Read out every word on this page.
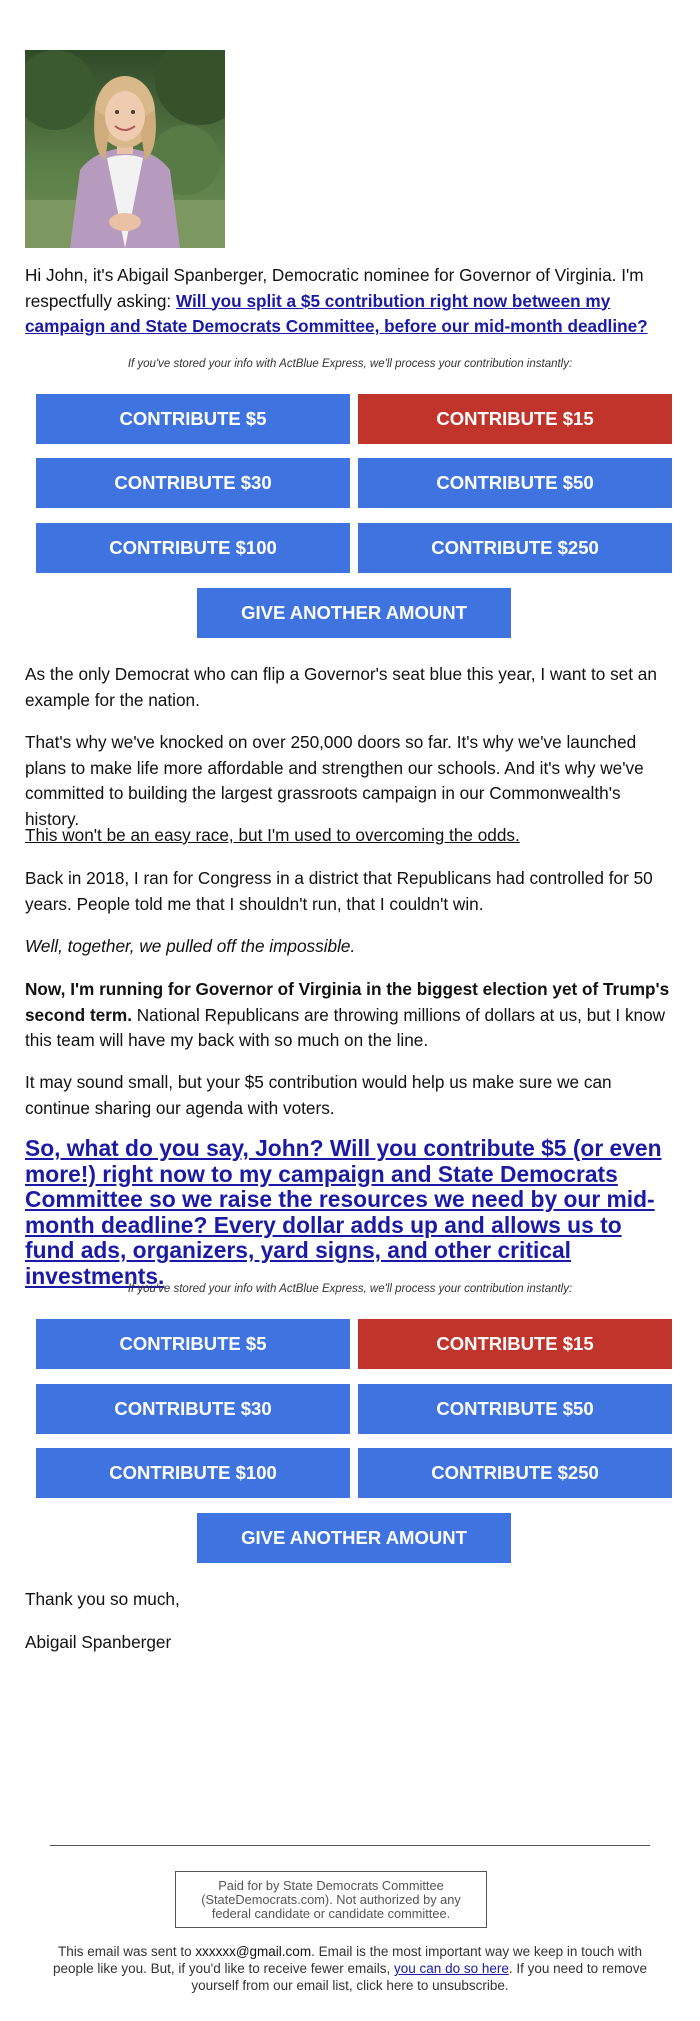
Hi John, it's Abigail Spanberger, Democratic nominee for Governor of Virginia. I'm respectfully asking: Will you split a $5 contribution right now between my campaign and State Democrats Committee, before our mid-month deadline?

If you've stored your info with ActBlue Express, we'll process your contribution instantly:
CONTRIBUTE $5	CONTRIBUTE $15
CONTRIBUTE $30	CONTRIBUTE $50
CONTRIBUTE $100	CONTRIBUTE $250
GIVE ANOTHER AMOUNT

As the only Democrat who can flip a Governor's seat blue this year, I want to set an example for the nation.

That's why we've knocked on over 250,000 doors so far. It's why we've launched plans to make life more affordable and strengthen our schools. And it's why we've committed to building the largest grassroots campaign in our Commonwealth's history.

This won't be an easy race, but I'm used to overcoming the odds.

Back in 2018, I ran for Congress in a district that Republicans had controlled for 50 years. People told me that I shouldn't run, that I couldn't win.

Well, together, we pulled off the impossible.

Now, I'm running for Governor of Virginia in the biggest election yet of Trump's second term. National Republicans are throwing millions of dollars at us, but I know this team will have my back with so much on the line.

It may sound small, but your $5 contribution would help us make sure we can continue sharing our agenda with voters.

So, what do you say, John? Will you contribute $5 (or even more!) right now to my campaign and State Democrats Committee so we raise the resources we need by our mid-month deadline? Every dollar adds up and allows us to fund ads, organizers, yard signs, and other critical investments.
If you've stored your info with ActBlue Express, we'll process your contribution instantly:
CONTRIBUTE $5	CONTRIBUTE $15
CONTRIBUTE $30	CONTRIBUTE $50
CONTRIBUTE $100	CONTRIBUTE $250
GIVE ANOTHER AMOUNT

Thank you so much,

Abigail Spanberger

Paid for by State Democrats Committee (StateDemocrats.com). Not authorized by any federal candidate or candidate committee.
This email was sent to xxxxxx@gmail.com. Email is the most important way we keep in touch with people like you. But, if you'd like to receive fewer emails, you can do so here. If you need to remove yourself from our email list, click here to unsubscribe.
